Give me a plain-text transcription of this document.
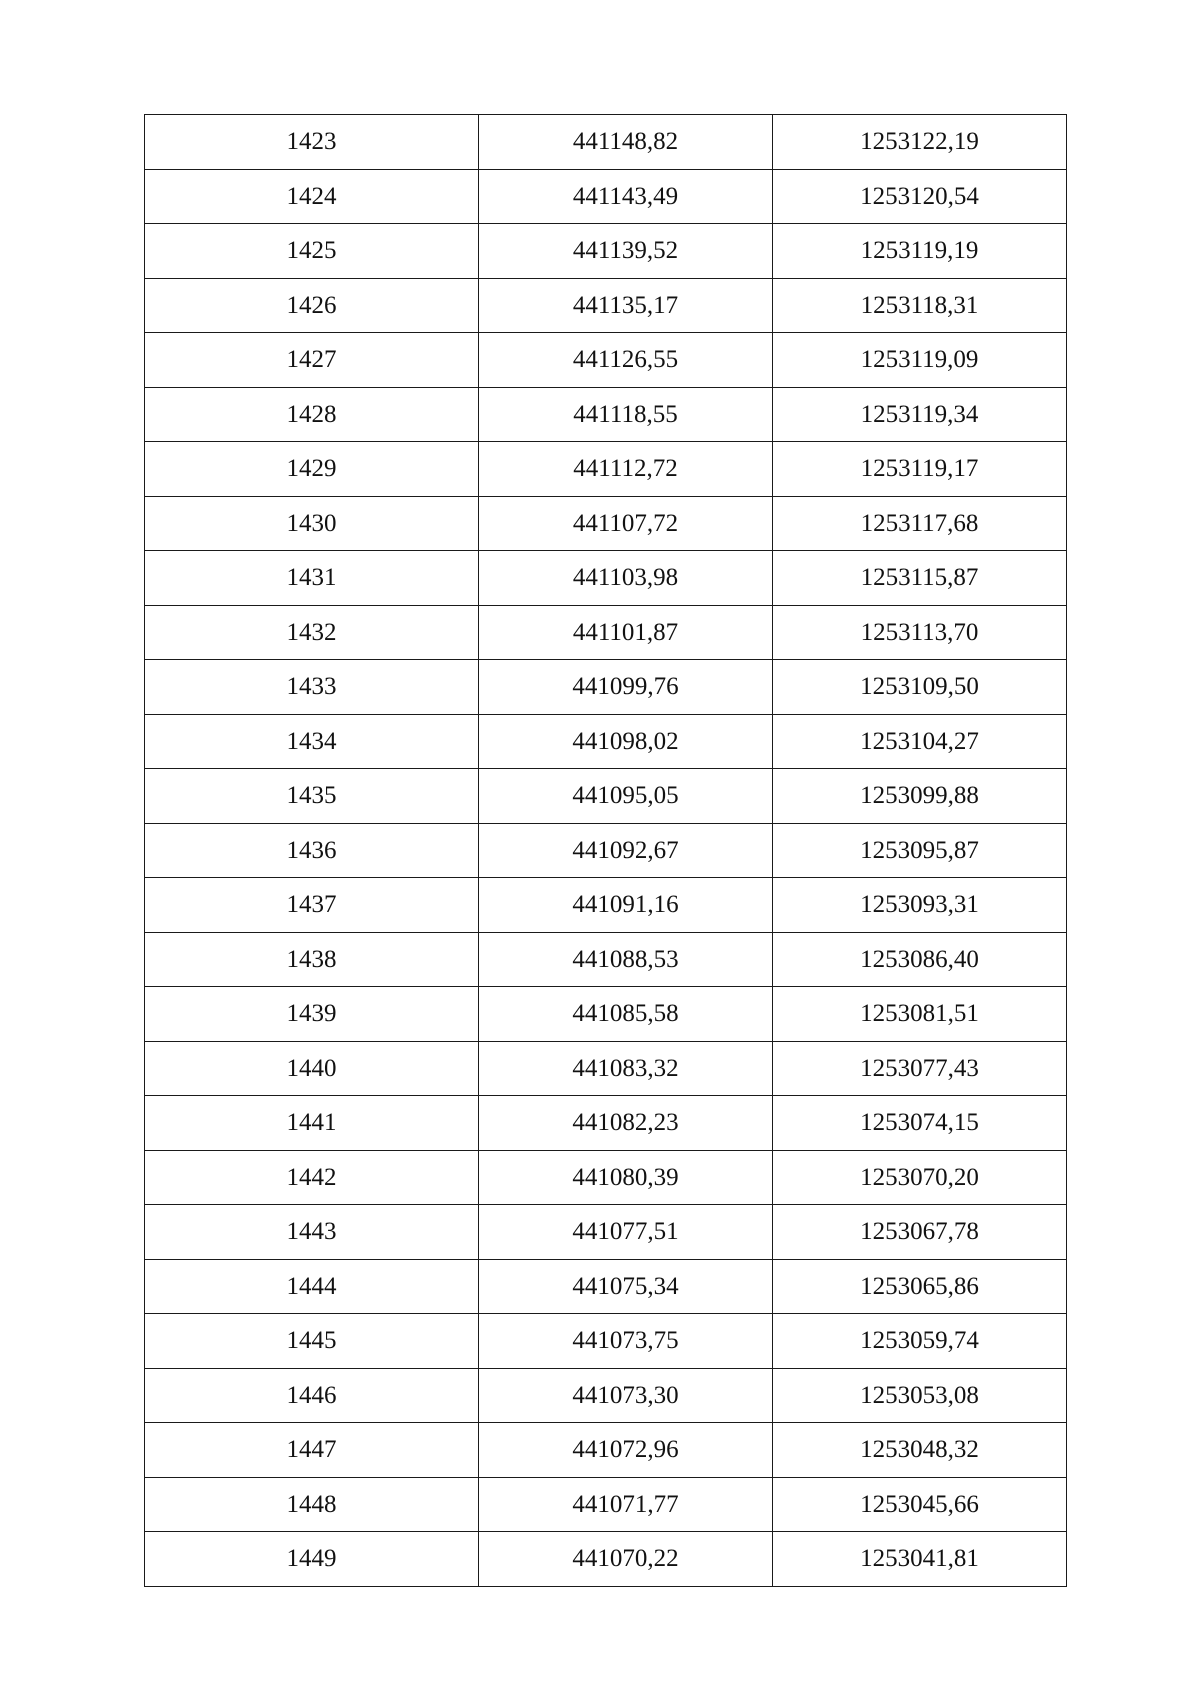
1423	441148,82	1253122,19
1424	441143,49	1253120,54
1425	441139,52	1253119,19
1426	441135,17	1253118,31
1427	441126,55	1253119,09
1428	441118,55	1253119,34
1429	441112,72	1253119,17
1430	441107,72	1253117,68
1431	441103,98	1253115,87
1432	441101,87	1253113,70
1433	441099,76	1253109,50
1434	441098,02	1253104,27
1435	441095,05	1253099,88
1436	441092,67	1253095,87
1437	441091,16	1253093,31
1438	441088,53	1253086,40
1439	441085,58	1253081,51
1440	441083,32	1253077,43
1441	441082,23	1253074,15
1442	441080,39	1253070,20
1443	441077,51	1253067,78
1444	441075,34	1253065,86
1445	441073,75	1253059,74
1446	441073,30	1253053,08
1447	441072,96	1253048,32
1448	441071,77	1253045,66
1449	441070,22	1253041,81
